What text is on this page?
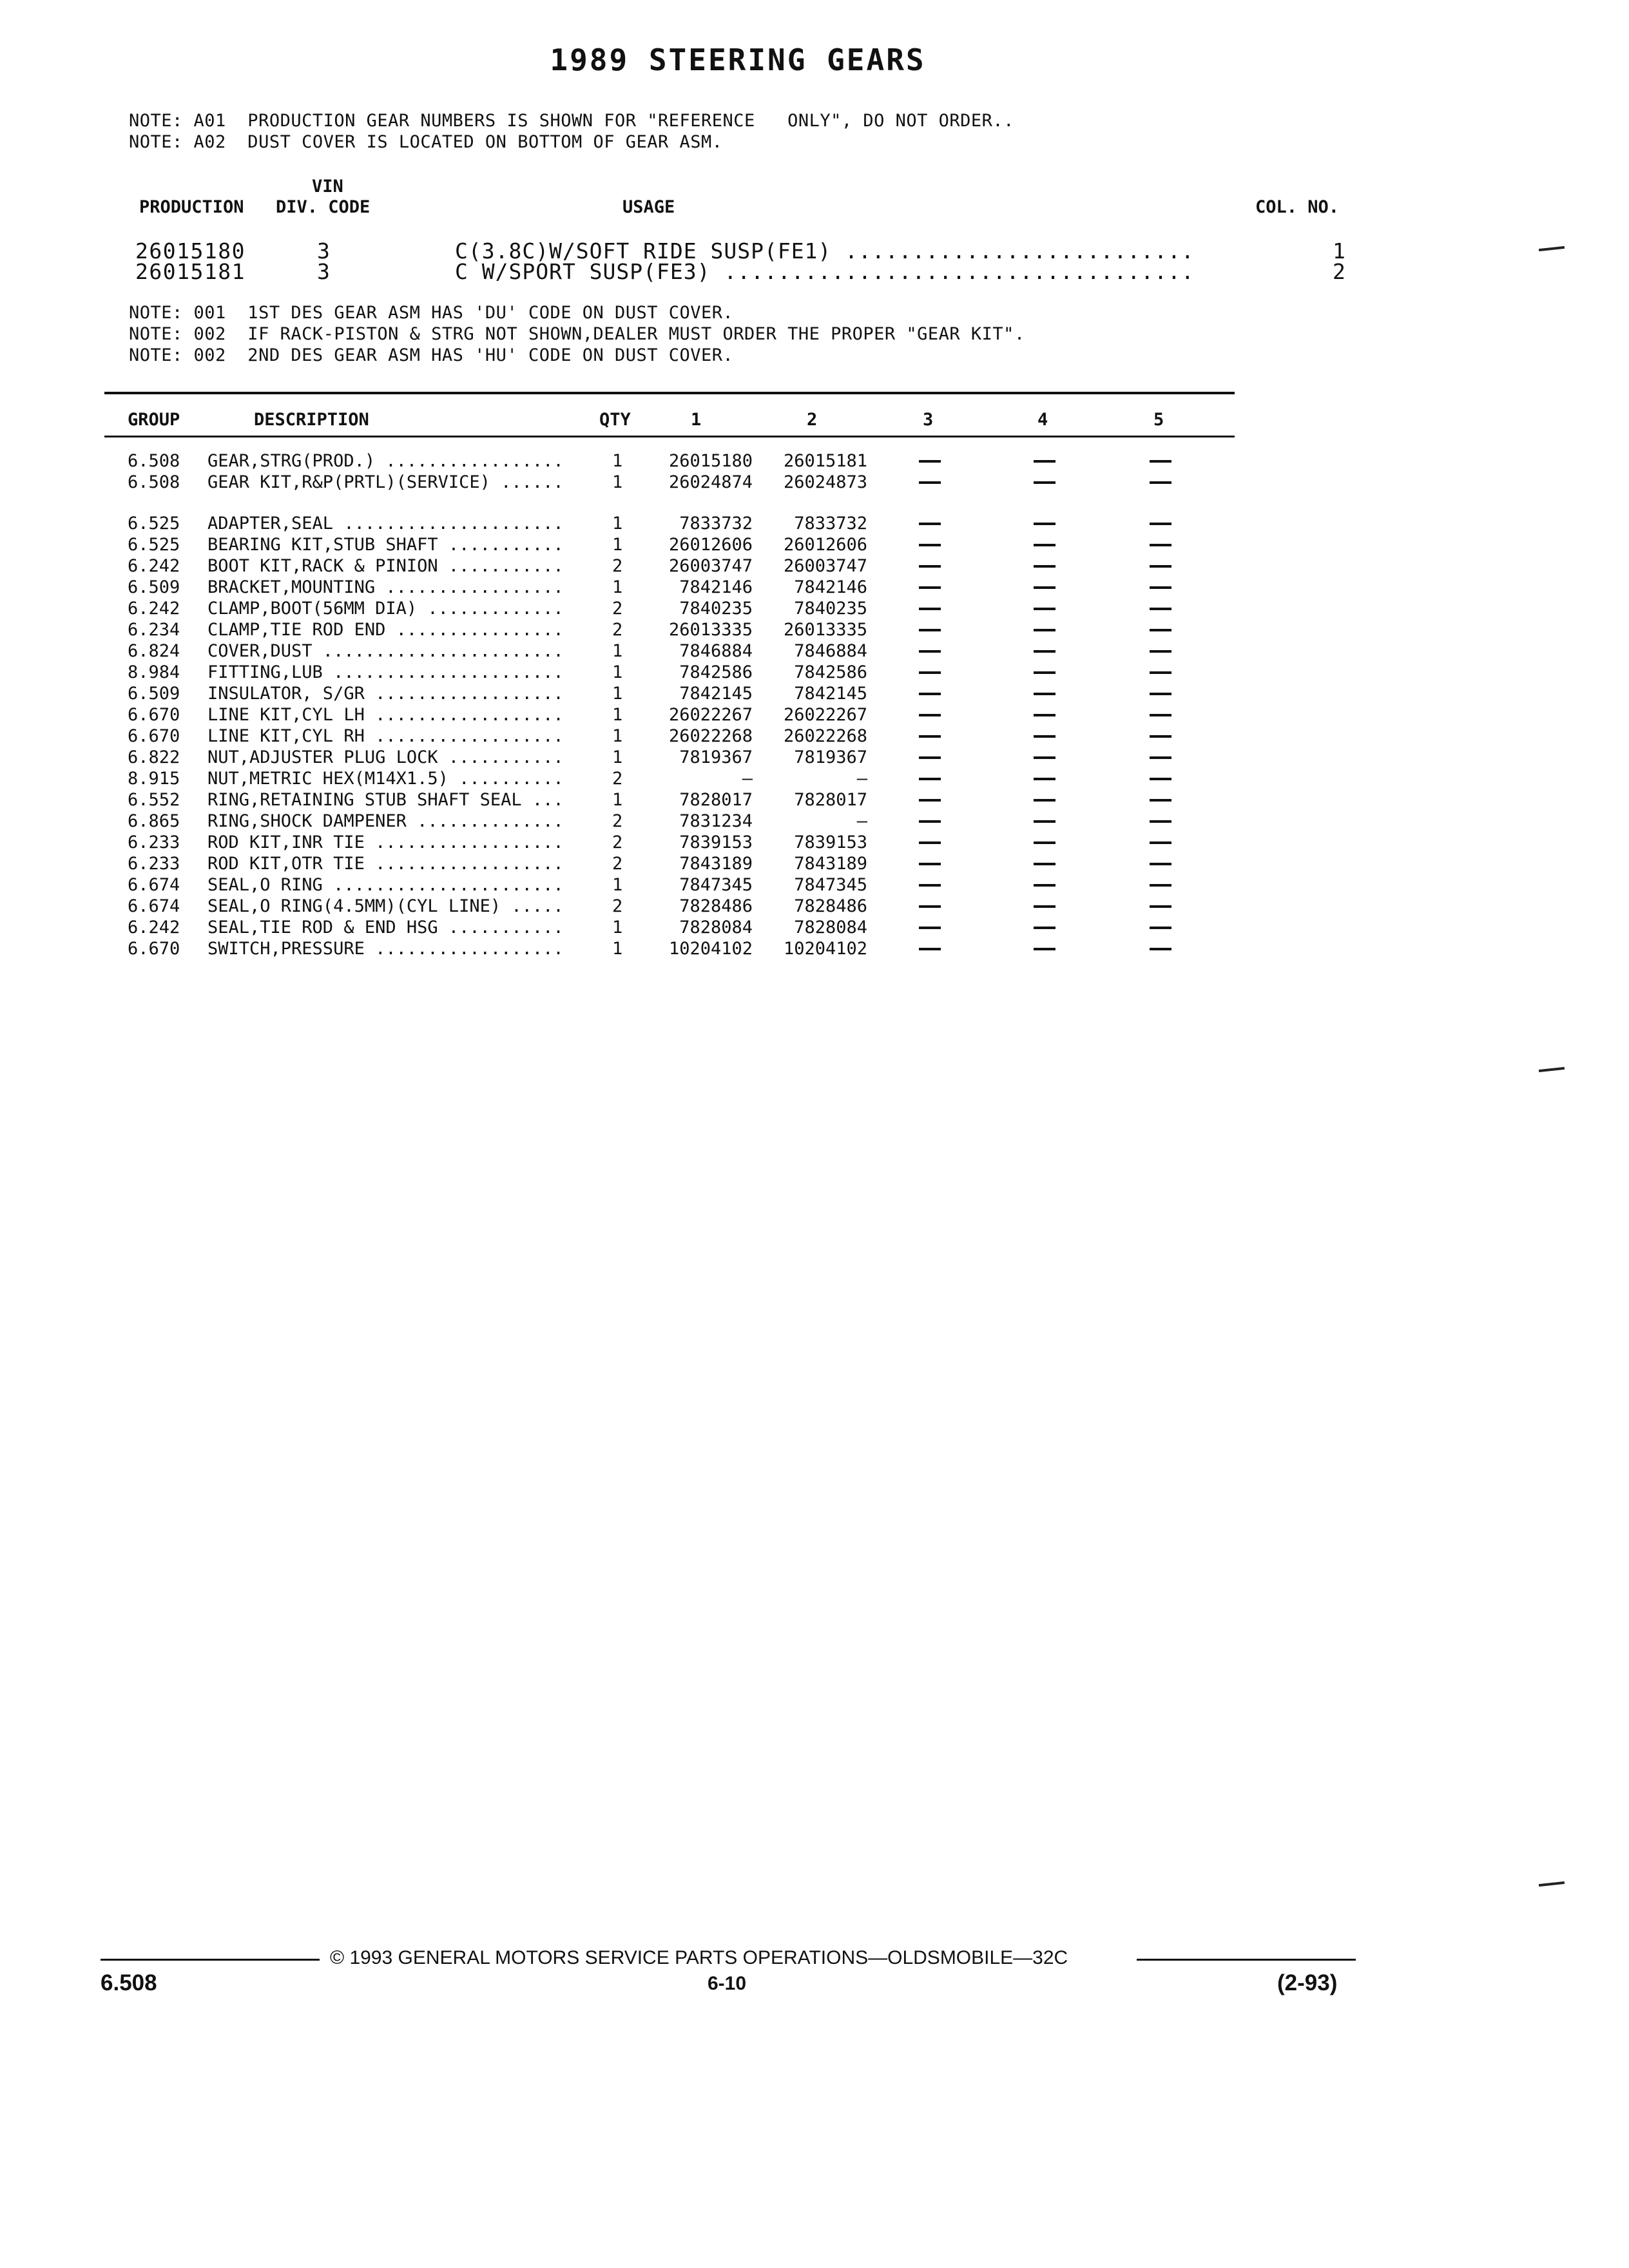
1989 STEERING GEARS
NOTE: A01  PRODUCTION GEAR NUMBERS IS SHOWN FOR "REFERENCE   ONLY", DO NOT ORDER..
NOTE: A02  DUST COVER IS LOCATED ON BOTTOM OF GEAR ASM.
VIN
PRODUCTION DIV. CODE	USAGE	COL. NO.
26015180	3	C(3.8C)W/SOFT RIDE SUSP(FE1) ..........................	1
26015181	3	C W/SPORT SUSP(FE3) ...................................	2
NOTE: 001  1ST DES GEAR ASM HAS 'DU' CODE ON DUST COVER.
NOTE: 002  IF RACK-PISTON & STRG NOT SHOWN,DEALER MUST ORDER THE PROPER "GEAR KIT".
NOTE: 002  2ND DES GEAR ASM HAS 'HU' CODE ON DUST COVER.
GROUP	DESCRIPTION	QTY	1	2	3	4	5
6.508 GEAR,STRG(PROD.) .................	1	26015180	26015181
6.508 GEAR KIT,R&P(PRTL)(SERVICE) ......	1	26024874	26024873
6.525 ADAPTER,SEAL .....................	1	7833732	7833732
6.525 BEARING KIT,STUB SHAFT ...........	1	26012606	26012606
6.242 BOOT KIT,RACK & PINION ...........	2	26003747	26003747
6.509 BRACKET,MOUNTING .................	1	7842146	7842146
6.242 CLAMP,BOOT(56MM DIA) .............	2	7840235	7840235
6.234 CLAMP,TIE ROD END ................	2	26013335	26013335
6.824 COVER,DUST .......................	1	7846884	7846884
8.984 FITTING,LUB ......................	1	7842586	7842586
6.509 INSULATOR, S/GR ..................	1	7842145	7842145
6.670 LINE KIT,CYL LH ..................	1	26022267	26022267
6.670 LINE KIT,CYL RH ..................	1	26022268	26022268
6.822 NUT,ADJUSTER PLUG LOCK ...........	1	7819367	7819367
8.915 NUT,METRIC HEX(M14X1.5) ..........	2	—	—
6.552 RING,RETAINING STUB SHAFT SEAL ...	1	7828017	7828017
6.865 RING,SHOCK DAMPENER ..............	2	7831234	—
6.233 ROD KIT,INR TIE ..................	2	7839153	7839153
6.233 ROD KIT,OTR TIE ..................	2	7843189	7843189
6.674 SEAL,O RING ......................	1	7847345	7847345
6.674 SEAL,O RING(4.5MM)(CYL LINE) .....	2	7828486	7828486
6.242 SEAL,TIE ROD & END HSG ...........	1	7828084	7828084
6.670 SWITCH,PRESSURE ..................	1	10204102	10204102
© 1993 GENERAL MOTORS SERVICE PARTS OPERATIONS—OLDSMOBILE—32C
6.508	6-10	(2-93)
